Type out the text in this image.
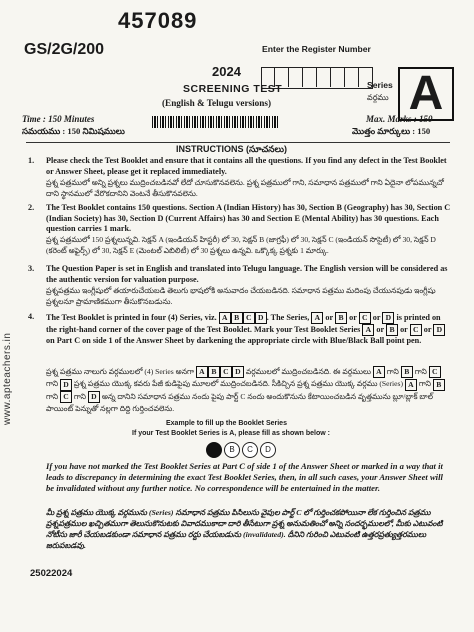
www.apteachers.in
457089
GS/2G/200	Enter the Register Number
2024
SCREENING TEST
(English & Telugu versions)
Series
వర్గము A
Time : 150 Minutes
సమయము : 150 నిమిషములు
Max. Marks : 150
మొత్తం మార్కులు : 150
INSTRUCTIONS (సూచనలు)
1. Please check the Test Booklet and ensure that it contains all the questions. If you find any defect in the Test Booklet or Answer Sheet, please get it replaced immediately.
ప్రశ్న పత్రములో అన్ని ప్రశ్నలు ముద్రించబడినవో లేదో చూసుకొనవలెను. ప్రశ్న పత్రములో గాని, సమాధాన పత్రములో గాని ఏదైనా లోపమున్నచో దాని స్థానములో వేరొకదానిని వెంటనే తీసుకొనవలెను.
2. The Test Booklet contains 150 questions. Section A (Indian History) has 30, Section B (Geography) has 30, Section C (Indian Society) has 30, Section D (Current Affairs) has 30 and Section E (Mental Ability) has 30 questions. Each question carries 1 mark.
ప్రశ్న పత్రములో 150 ప్రశ్నలున్నవి. సెక్షన్ A (ఇండియన్ హిస్టరీ) లో 30, సెక్షన్ B (జాగ్రఫీ) లో 30, సెక్షన్ C (ఇండియన్ సొసైటీ) లో 30, సెక్షన్ D (కరెంట్ అఫైర్స్) లో 30, సెక్షన్ E (మెంటల్ ఎబిలిటీ) లో 30 ప్రశ్నలు ఉన్నవి. ఒక్కొక్క ప్రశ్నకు 1 మార్కు.
3. The Question Paper is set in English and translated into Telugu language. The English version will be considered as the authentic version for valuation purpose.
ప్రశ్నపత్రము ఇంగ్లీషులో తయారుచేయబడి తెలుగు భాషలోకి అనువాదం చేయబడినది. సమాధాన పత్రము మదింపు చేయునపుడు ఇంగ్లీషు ప్రశ్నలనూ ప్రామాణికముగా తీసుకొనబడును.
4. The Test Booklet is printed in four (4) Series, viz. A B C D . The Series, A or B or C or D is printed on the right-hand corner of the cover page of the Test Booklet. Mark your Test Booklet Series A or B or C or D on Part C on side 1 of the Answer Sheet by darkening the appropriate circle with Blue/Black Ball point pen.
ప్రశ్న పత్రము నాలుగు వర్గములలో (4) Series అనగా A B C D వర్గములలో ముద్రించబడినది. ఈ వర్గములు A గాని B గాని C గాని D ప్రశ్న పత్రము యొక్క కవరు పేజీ కుడిపైపు మూలలో ముద్రించబడినది. సీకిచ్చిన ప్రశ్న పత్రము యొక్క వర్గము (Series) A గాని B గాని C గాని D అన్న దానిని సమాధాన పత్రము నందు పైపు పార్ట్ C నందు అందుకొనును కేటాయించబడిన వృత్తమును బ్లూ/బ్లాక్ బాల్ పాయింట్ పెన్నుతో నల్లగా దిద్ది గుర్తించవలెను.
Example to fill up the Booklet Series
If your Test Booklet Series is A, please fill as shown below :
B	C	D
If you have not marked the Test Booklet Series at Part C of side 1 of the Answer Sheet or marked in a way that it leads to discrepancy in determining the exact Test Booklet Series, then, in all such cases, your Answer Sheet will be invalidated without any further notice. No correspondence will be entertained in the matter.
మీ ప్రశ్న పత్రము యొక్క వర్గమును (Series) సమాధాన పత్రము పిసిలుసు వైపుల పార్ట్ C లో గుర్తించకపోయినా లేక గుర్తించిన పత్రము ప్రశ్నపత్రముల ఖచ్చితముగా తెలుసుకొనుటకు వివాదముకాదా దారి తీసేటుగా ప్రశ్న అనుమతించో అన్ని సందర్భములలో, మీకు ఎటువంటి నోటీసు జారీ చేయబడకుండా సమాధాన పత్రము రద్దు చేయబడును (invalidated). దీనిని గురించి ఎటువంటి ఉత్తరప్రత్యుత్తరములు జరుపబడవు.
25022024
